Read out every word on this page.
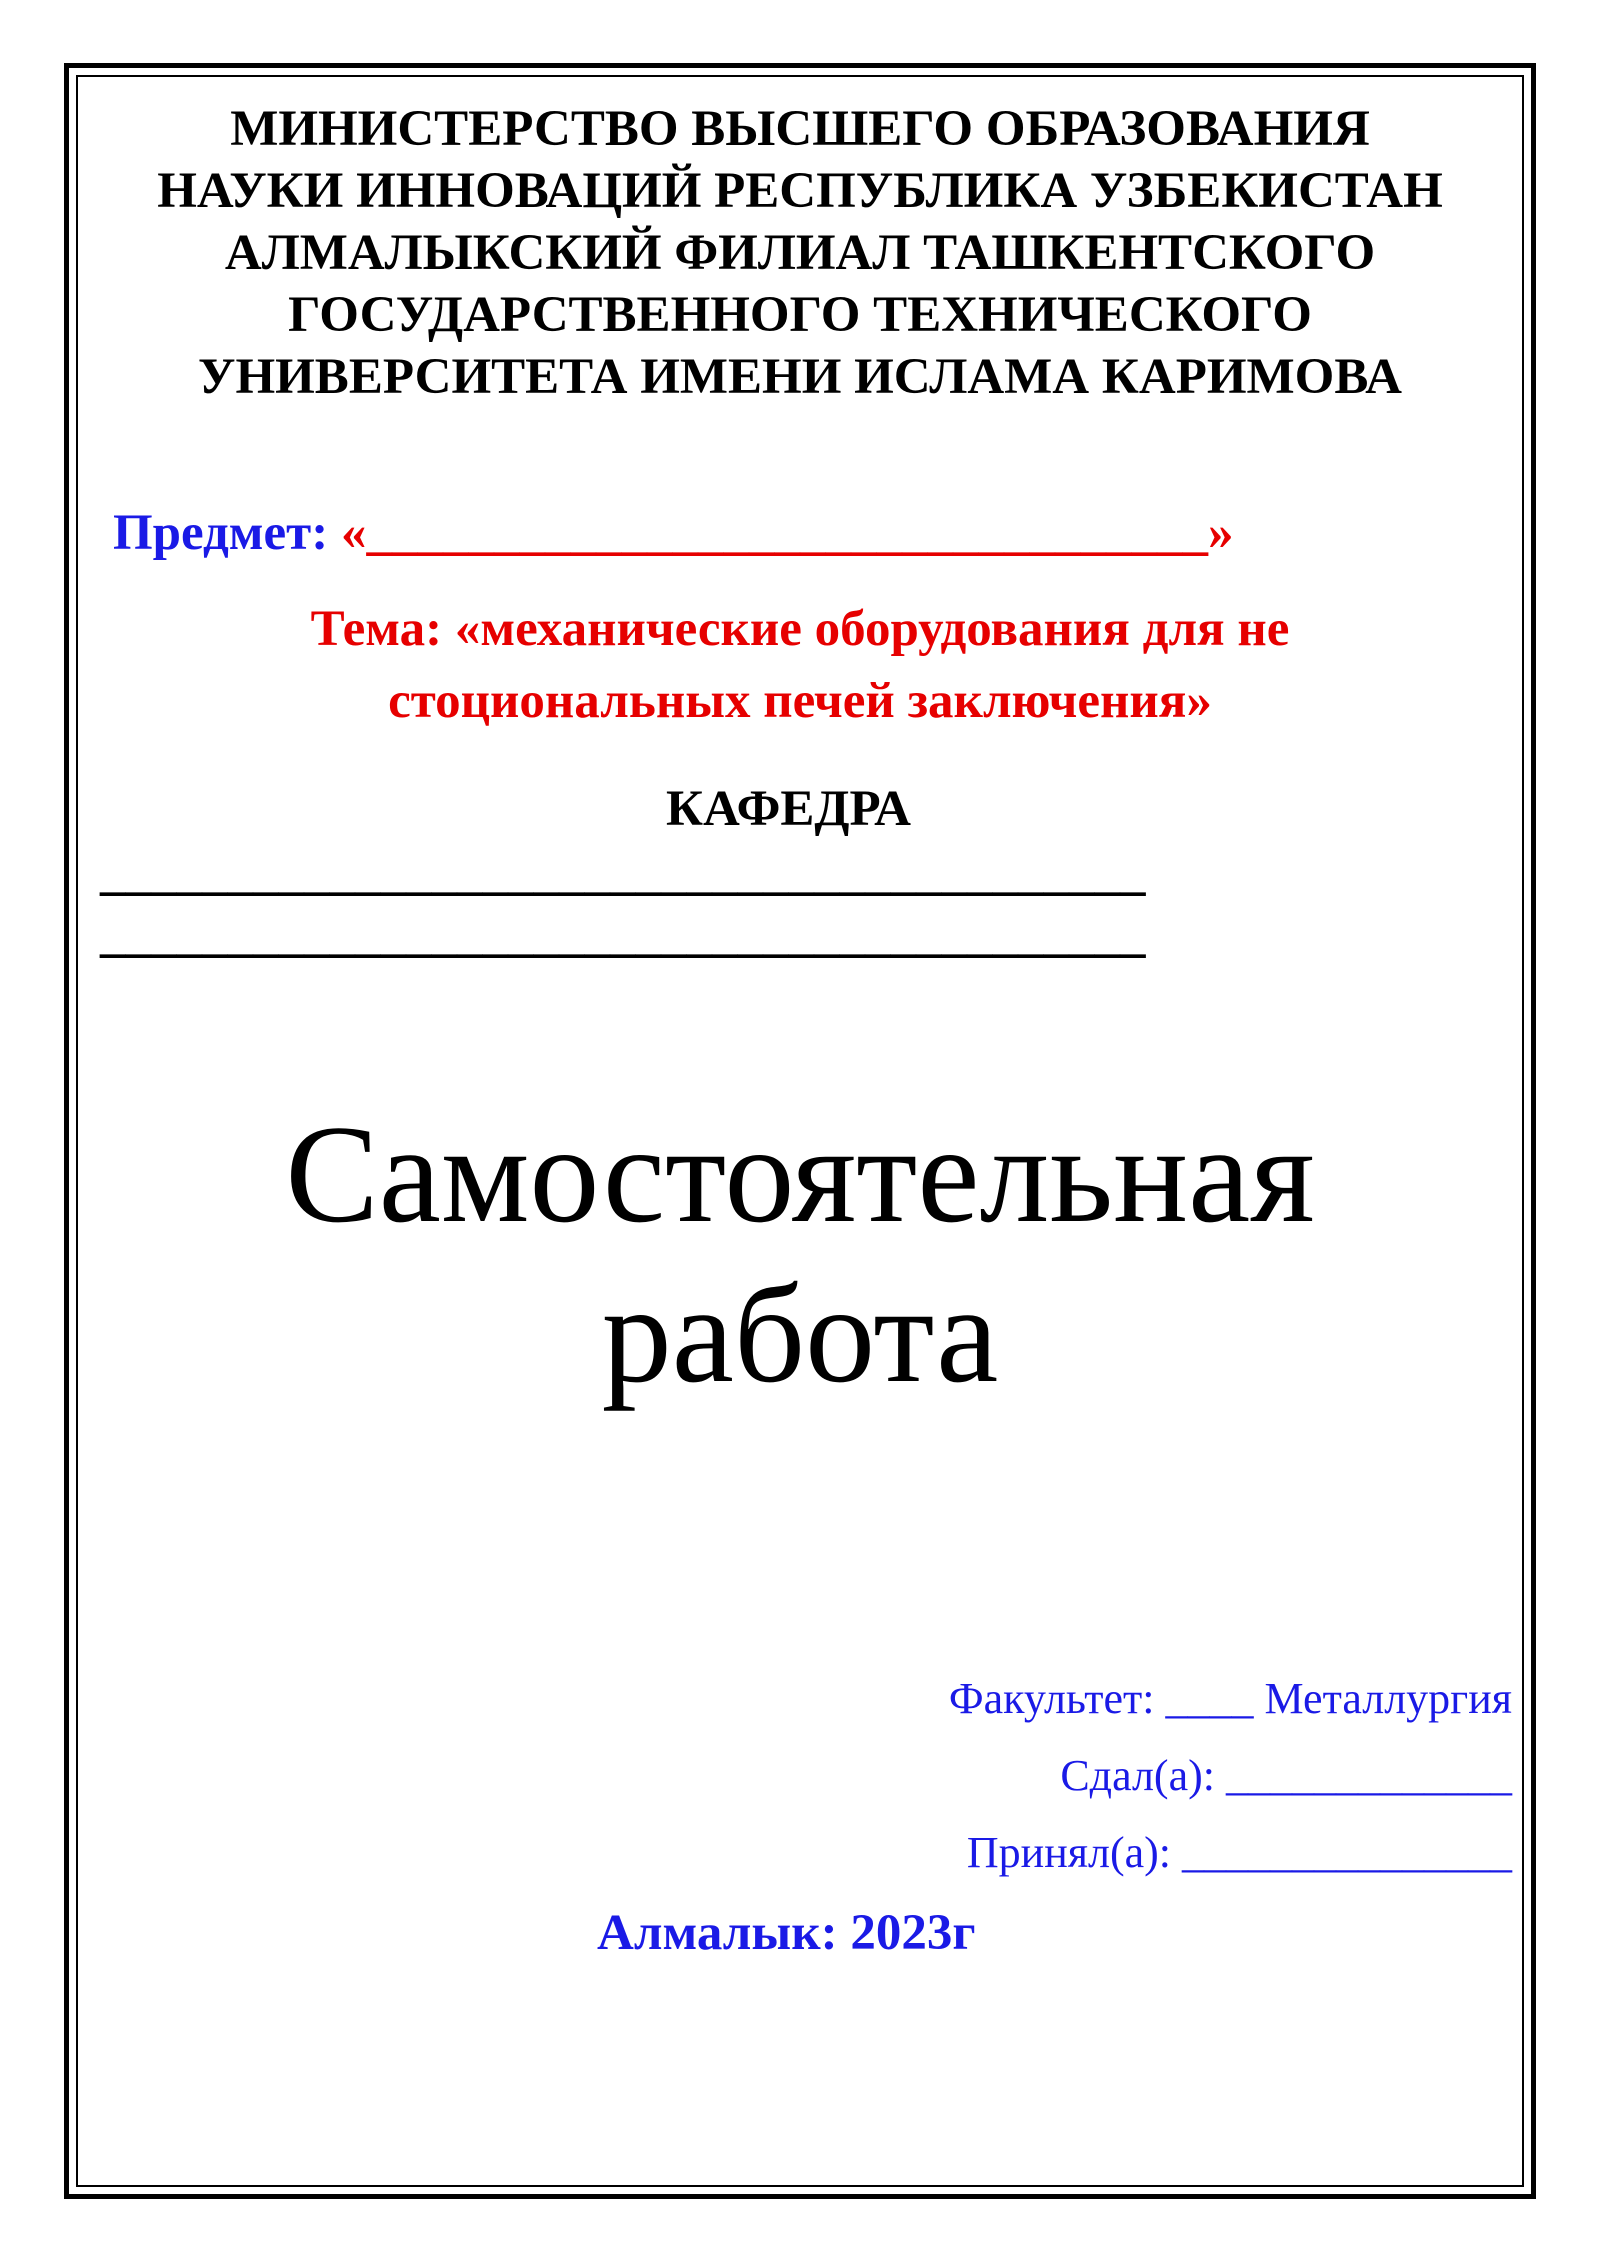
МИНИСТЕРСТВО ВЫСШЕГО ОБРАЗОВАНИЯ
НАУКИ ИННОВАЦИЙ РЕСПУБЛИКА УЗБЕКИСТАН
АЛМАЛЫКСКИЙ ФИЛИАЛ ТАШКЕНТСКОГО
ГОСУДАРСТВЕННОГО ТЕХНИЧЕСКОГО
УНИВЕРСИТЕТА ИМЕНИ ИСЛАМА КАРИМОВА
Предмет: «_________________________________»
Тема: «механические оборудования для не
стоциональных печей заключения»
КАФЕДРА
_________________________________________
_________________________________________
Самостоятельная
работа
Факультет: ____ Металлургия
Сдал(а): _____________
Принял(а): _______________
Алмалык: 2023г
